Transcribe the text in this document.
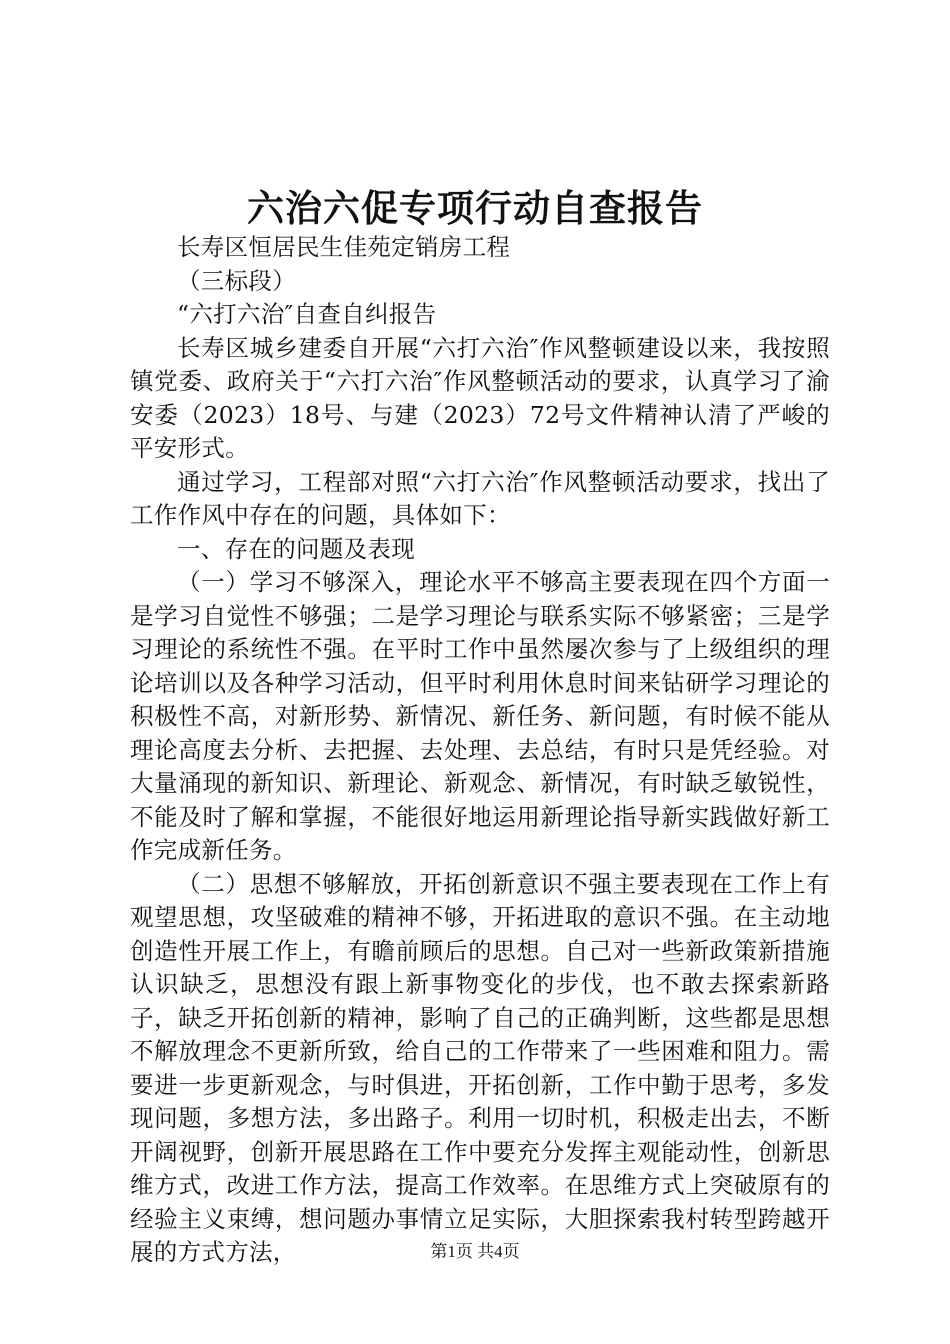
六治六促专项行动自查报告

长寿区恒居民生佳苑定销房工程

（三标段）

“六打六治″自查自纠报告

长寿区城乡建委自开展“六打六治″作风整顿建设以来，我按照镇党委、政府关于“六打六治″作风整顿活动的要求，认真学习了渝安委（2023）18号、与建（2023）72号文件精神认清了严峻的平安形式。

通过学习，工程部对照“六打六治″作风整顿活动要求，找出了工作作风中存在的问题，具体如下：

一、存在的问题及表现

（一）学习不够深入，理论水平不够高主要表现在四个方面一是学习自觉性不够强；二是学习理论与联系实际不够紧密；三是学习理论的系统性不强。在平时工作中虽然屡次参与了上级组织的理论培训以及各种学习活动，但平时利用休息时间来钻研学习理论的积极性不高，对新形势、新情况、新任务、新问题，有时候不能从理论高度去分析、去把握、去处理、去总结，有时只是凭经验。对大量涌现的新知识、新理论、新观念、新情况，有时缺乏敏锐性，不能及时了解和掌握，不能很好地运用新理论指导新实践做好新工作完成新任务。

（二）思想不够解放，开拓创新意识不强主要表现在工作上有观望思想，攻坚破难的精神不够，开拓进取的意识不强。在主动地创造性开展工作上，有瞻前顾后的思想。自己对一些新政策新措施认识缺乏，思想没有跟上新事物变化的步伐，也不敢去探索新路子，缺乏开拓创新的精神，影响了自己的正确判断，这些都是思想不解放理念不更新所致，给自己的工作带来了一些困难和阻力。需要进一步更新观念，与时俱进，开拓创新，工作中勤于思考，多发现问题，多想方法，多出路子。利用一切时机，积极走出去，不断开阔视野，创新开展思路在工作中要充分发挥主观能动性，创新思维方式，改进工作方法，提高工作效率。在思维方式上突破原有的经验主义束缚，想问题办事情立足实际，大胆探索我村转型跨越开展的方式方法，	第1页 共4页
